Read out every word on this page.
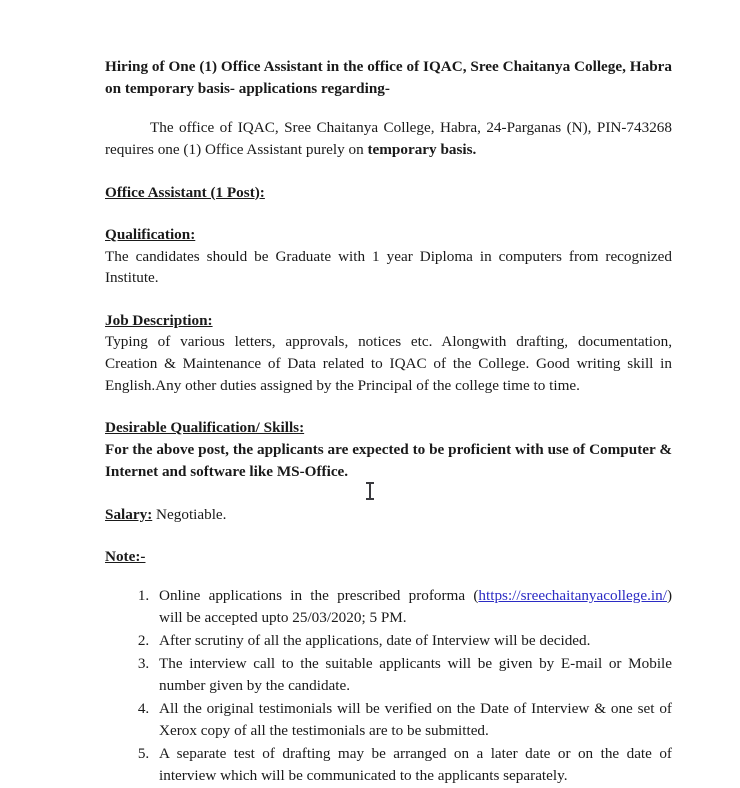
Hiring of One (1) Office Assistant in the office of IQAC, Sree Chaitanya College, Habra on temporary basis- applications regarding-

The office of IQAC, Sree Chaitanya College, Habra, 24-Parganas (N), PIN-743268 requires one (1) Office Assistant purely on temporary basis.

Office Assistant (1 Post):

Qualification:

The candidates should be Graduate with 1 year Diploma in computers from recognized Institute.

Job Description:

Typing of various letters, approvals, notices etc. Alongwith drafting, documentation, Creation & Maintenance of Data related to IQAC of the College. Good writing skill in English.Any other duties assigned by the Principal of the college time to time.

Desirable Qualification/ Skills:

For the above post, the applicants are expected to be proficient with use of Computer & Internet and software like MS-Office.

Salary: Negotiable.

Note:-

1. Online applications in the prescribed proforma (https://sreechaitanyacollege.in/) will be accepted upto 25/03/2020; 5 PM.
2. After scrutiny of all the applications, date of Interview will be decided.
3. The interview call to the suitable applicants will be given by E-mail or Mobile number given by the candidate.
4. All the original testimonials will be verified on the Date of Interview & one set of Xerox copy of all the testimonials are to be submitted.
5. A separate test of drafting may be arranged on a later date or on the date of interview which will be communicated to the applicants separately.
